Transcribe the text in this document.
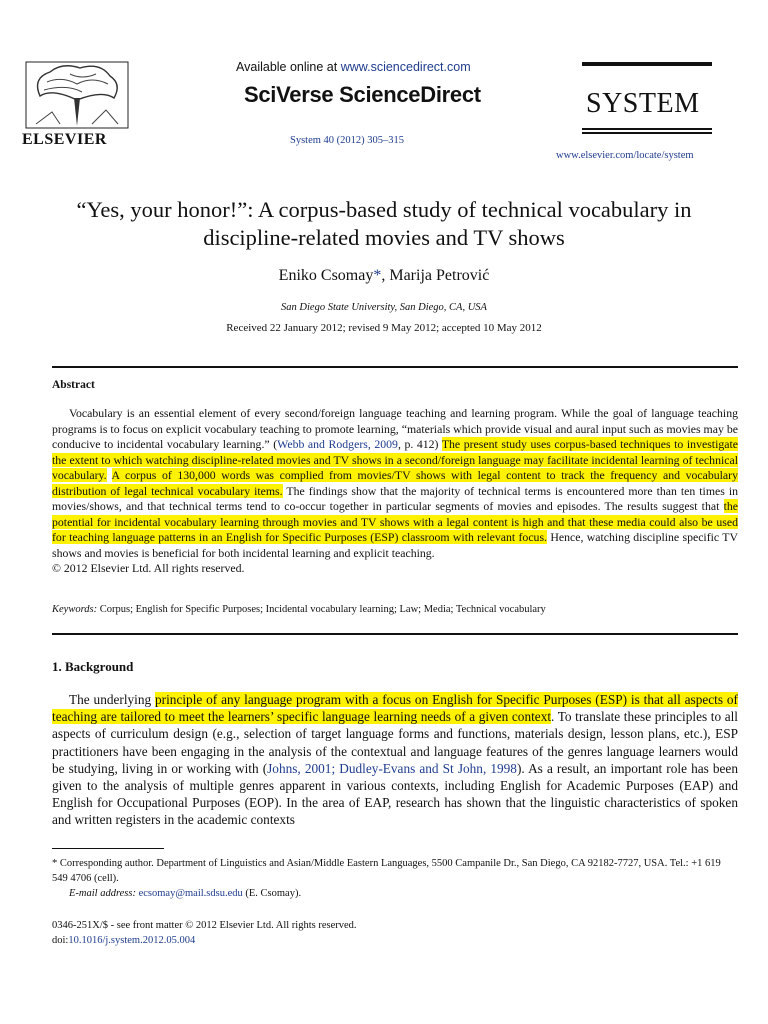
ELSEVIER
Available online at www.sciencedirect.com
SciVerse ScienceDirect
System 40 (2012) 305–315
SYSTEM
www.elsevier.com/locate/system
“Yes, your honor!”: A corpus-based study of technical vocabulary in discipline-related movies and TV shows
Eniko Csomay*, Marija Petrović
San Diego State University, San Diego, CA, USA
Received 22 January 2012; revised 9 May 2012; accepted 10 May 2012
Abstract

Vocabulary is an essential element of every second/foreign language teaching and learning program. While the goal of language teaching programs is to focus on explicit vocabulary teaching to promote learning, “materials which provide visual and aural input such as movies may be conducive to incidental vocabulary learning.” (Webb and Rodgers, 2009, p. 412) The present study uses corpus-based techniques to investigate the extent to which watching discipline-related movies and TV shows in a second/foreign language may facilitate incidental learning of technical vocabulary. A corpus of 130,000 words was complied from movies/TV shows with legal content to track the frequency and vocabulary distribution of legal technical vocabulary items. The findings show that the majority of technical terms is encountered more than ten times in movies/shows, and that technical terms tend to co-occur together in particular segments of movies and episodes. The results suggest that the potential for incidental vocabulary learning through movies and TV shows with a legal content is high and that these media could also be used for teaching language patterns in an English for Specific Purposes (ESP) classroom with relevant focus. Hence, watching discipline specific TV shows and movies is beneficial for both incidental learning and explicit teaching.

© 2012 Elsevier Ltd. All rights reserved.

Keywords: Corpus; English for Specific Purposes; Incidental vocabulary learning; Law; Media; Technical vocabulary
1. Background

The underlying principle of any language program with a focus on English for Specific Purposes (ESP) is that all aspects of teaching are tailored to meet the learners’ specific language learning needs of a given context. To translate these principles to all aspects of curriculum design (e.g., selection of target language forms and functions, materials design, lesson plans, etc.), ESP practitioners have been engaging in the analysis of the contextual and language features of the genres language learners would be studying, living in or working with (Johns, 2001; Dudley-Evans and St John, 1998). As a result, an important role has been given to the analysis of multiple genres apparent in various contexts, including English for Academic Purposes (EAP) and English for Occupational Purposes (EOP). In the area of EAP, research has shown that the linguistic characteristics of spoken and written registers in the academic contexts

* Corresponding author. Department of Linguistics and Asian/Middle Eastern Languages, 5500 Campanile Dr., San Diego, CA 92182-7727, USA. Tel.: +1 619 549 4706 (cell).

E-mail address: ecsomay@mail.sdsu.edu (E. Csomay).

0346-251X/$ - see front matter © 2012 Elsevier Ltd. All rights reserved.
doi:10.1016/j.system.2012.05.004
